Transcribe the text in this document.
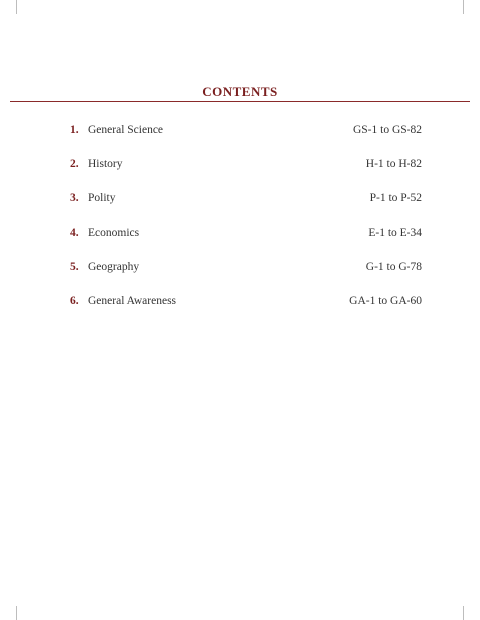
CONTENTS
1. General Science	GS-1 to GS-82
2. History	H-1 to H-82
3. Polity	P-1 to P-52
4. Economics	E-1 to E-34
5. Geography	G-1 to G-78
6. General Awareness	GA-1 to GA-60
